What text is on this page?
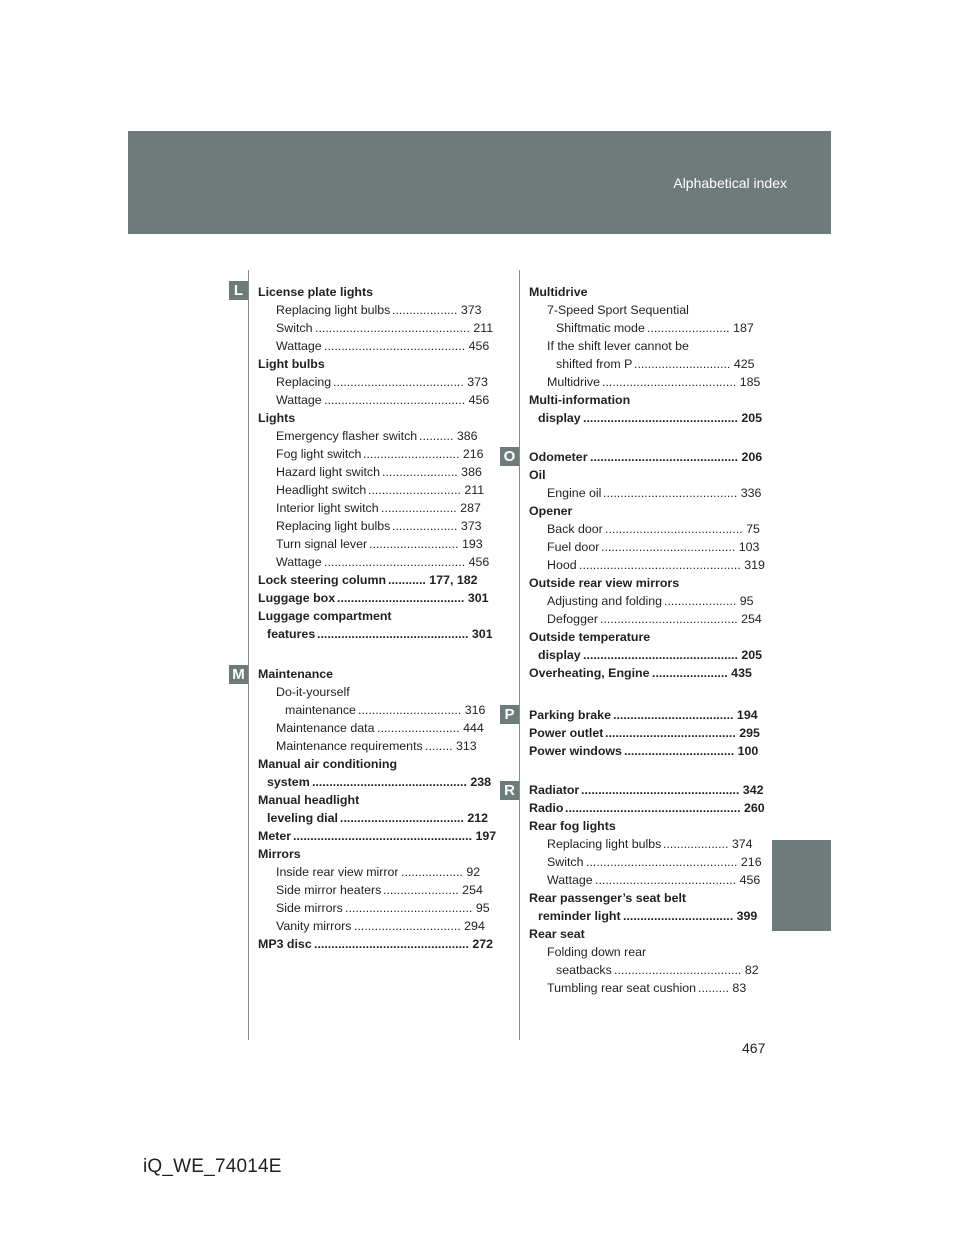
Alphabetical index
L
M
O
P
R
License plate lights
Replacing light bulbs ................... 373
Switch ............................................. 211
Wattage ......................................... 456
Light bulbs
Replacing ...................................... 373
Wattage ......................................... 456
Lights
Emergency flasher switch .......... 386
Fog light switch ............................ 216
Hazard light switch ...................... 386
Headlight switch ........................... 211
Interior light switch ...................... 287
Replacing light bulbs ................... 373
Turn signal lever .......................... 193
Wattage ......................................... 456
Lock steering column ........... 177, 182
Luggage box ..................................... 301
Luggage compartment
features ............................................ 301
Maintenance
Do-it-yourself
maintenance .............................. 316
Maintenance data ........................ 444
Maintenance requirements ........ 313
Manual air conditioning
system ............................................. 238
Manual headlight
leveling dial .................................... 212
Meter .................................................... 197
Mirrors
Inside rear view mirror .................. 92
Side mirror heaters ...................... 254
Side mirrors ..................................... 95
Vanity mirrors ............................... 294
MP3 disc ............................................. 272
Multidrive
7-Speed Sport Sequential
Shiftmatic mode ........................ 187
If the shift lever cannot be
shifted from P ............................ 425
Multidrive ....................................... 185
Multi-information
display ............................................. 205
Odometer ........................................... 206
Oil
Engine oil ....................................... 336
Opener
Back door ........................................ 75
Fuel door ....................................... 103
Hood ............................................... 319
Outside rear view mirrors
Adjusting and folding ..................... 95
Defogger ........................................ 254
Outside temperature
display ............................................. 205
Overheating, Engine ...................... 435
Parking brake ................................... 194
Power outlet ...................................... 295
Power windows ................................ 100
Radiator .............................................. 342
Radio ................................................... 260
Rear fog lights
Replacing light bulbs ................... 374
Switch ............................................ 216
Wattage ......................................... 456
Rear passenger’s seat belt
reminder light ................................ 399
Rear seat
Folding down rear
seatbacks ..................................... 82
Tumbling rear seat cushion ......... 83
467
iQ_WE_74014E
